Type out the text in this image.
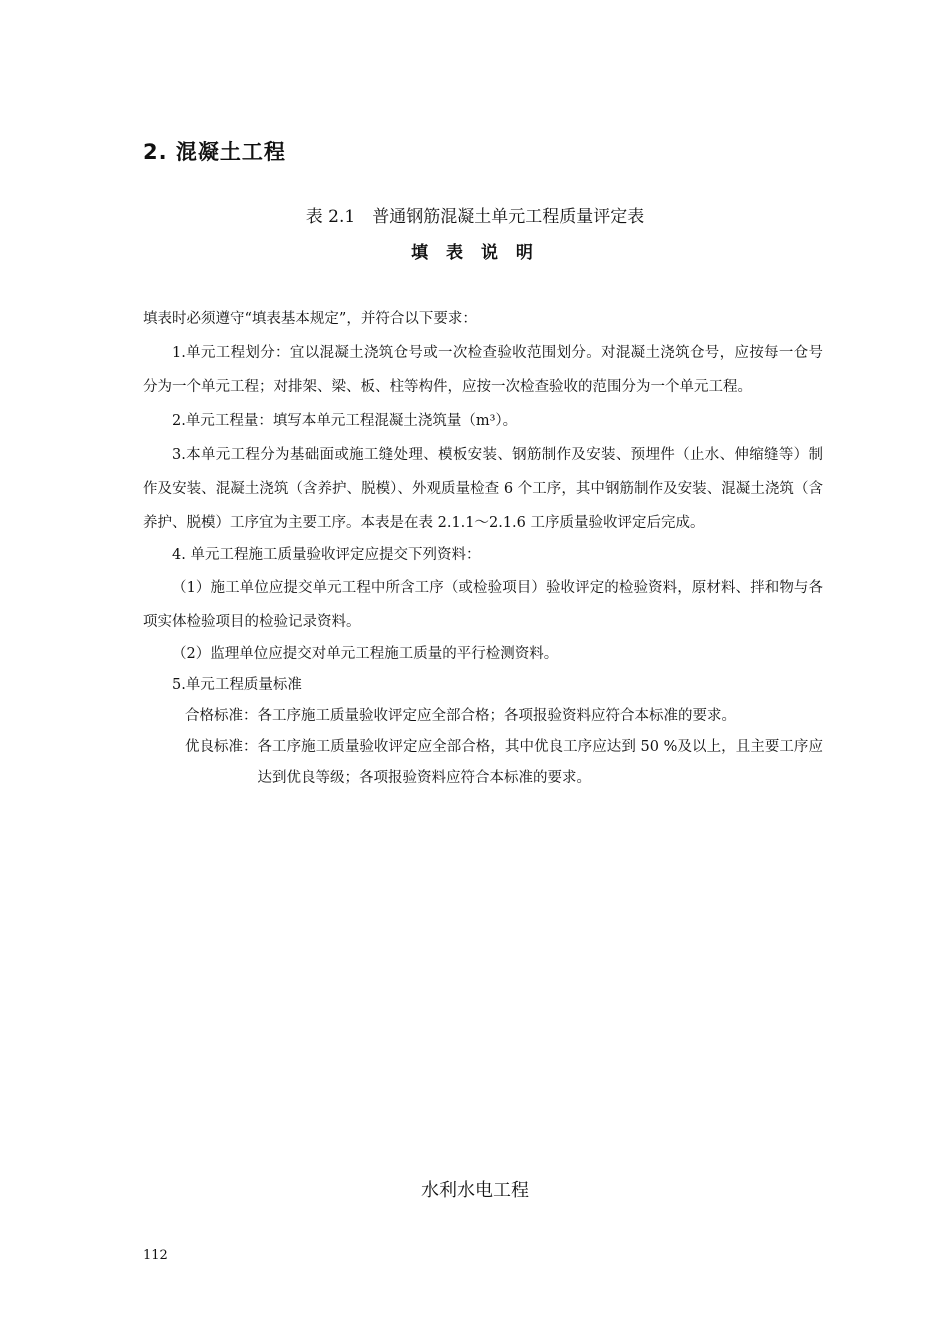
2. 混凝土工程
表 2.1　普通钢筋混凝土单元工程质量评定表
填 表 说 明

填表时必须遵守“填表基本规定”，并符合以下要求：

1.单元工程划分：宜以混凝土浇筑仓号或一次检查验收范围划分。对混凝土浇筑仓号，应按每一仓号分为一个单元工程；对排架、梁、板、柱等构件，应按一次检查验收的范围分为一个单元工程。

2.单元工程量：填写本单元工程混凝土浇筑量（m³）。

3.本单元工程分为基础面或施工缝处理、模板安装、钢筋制作及安装、预埋件（止水、伸缩缝等）制作及安装、混凝土浇筑（含养护、脱模）、外观质量检查 6 个工序，其中钢筋制作及安装、混凝土浇筑（含养护、脱模）工序宜为主要工序。本表是在表 2.1.1～2.1.6 工序质量验收评定后完成。

4. 单元工程施工质量验收评定应提交下列资料：

（1）施工单位应提交单元工程中所含工序（或检验项目）验收评定的检验资料，原材料、拌和物与各项实体检验项目的检验记录资料。

（2）监理单位应提交对单元工程施工质量的平行检测资料。

5.单元工程质量标准

合格标准： 各工序施工质量验收评定应全部合格；各项报验资料应符合本标准的要求。
优良标准： 各工序施工质量验收评定应全部合格，其中优良工序应达到 50 %及以上，且主要工序应达到优良等级；各项报验资料应符合本标准的要求。
水利水电工程
112
